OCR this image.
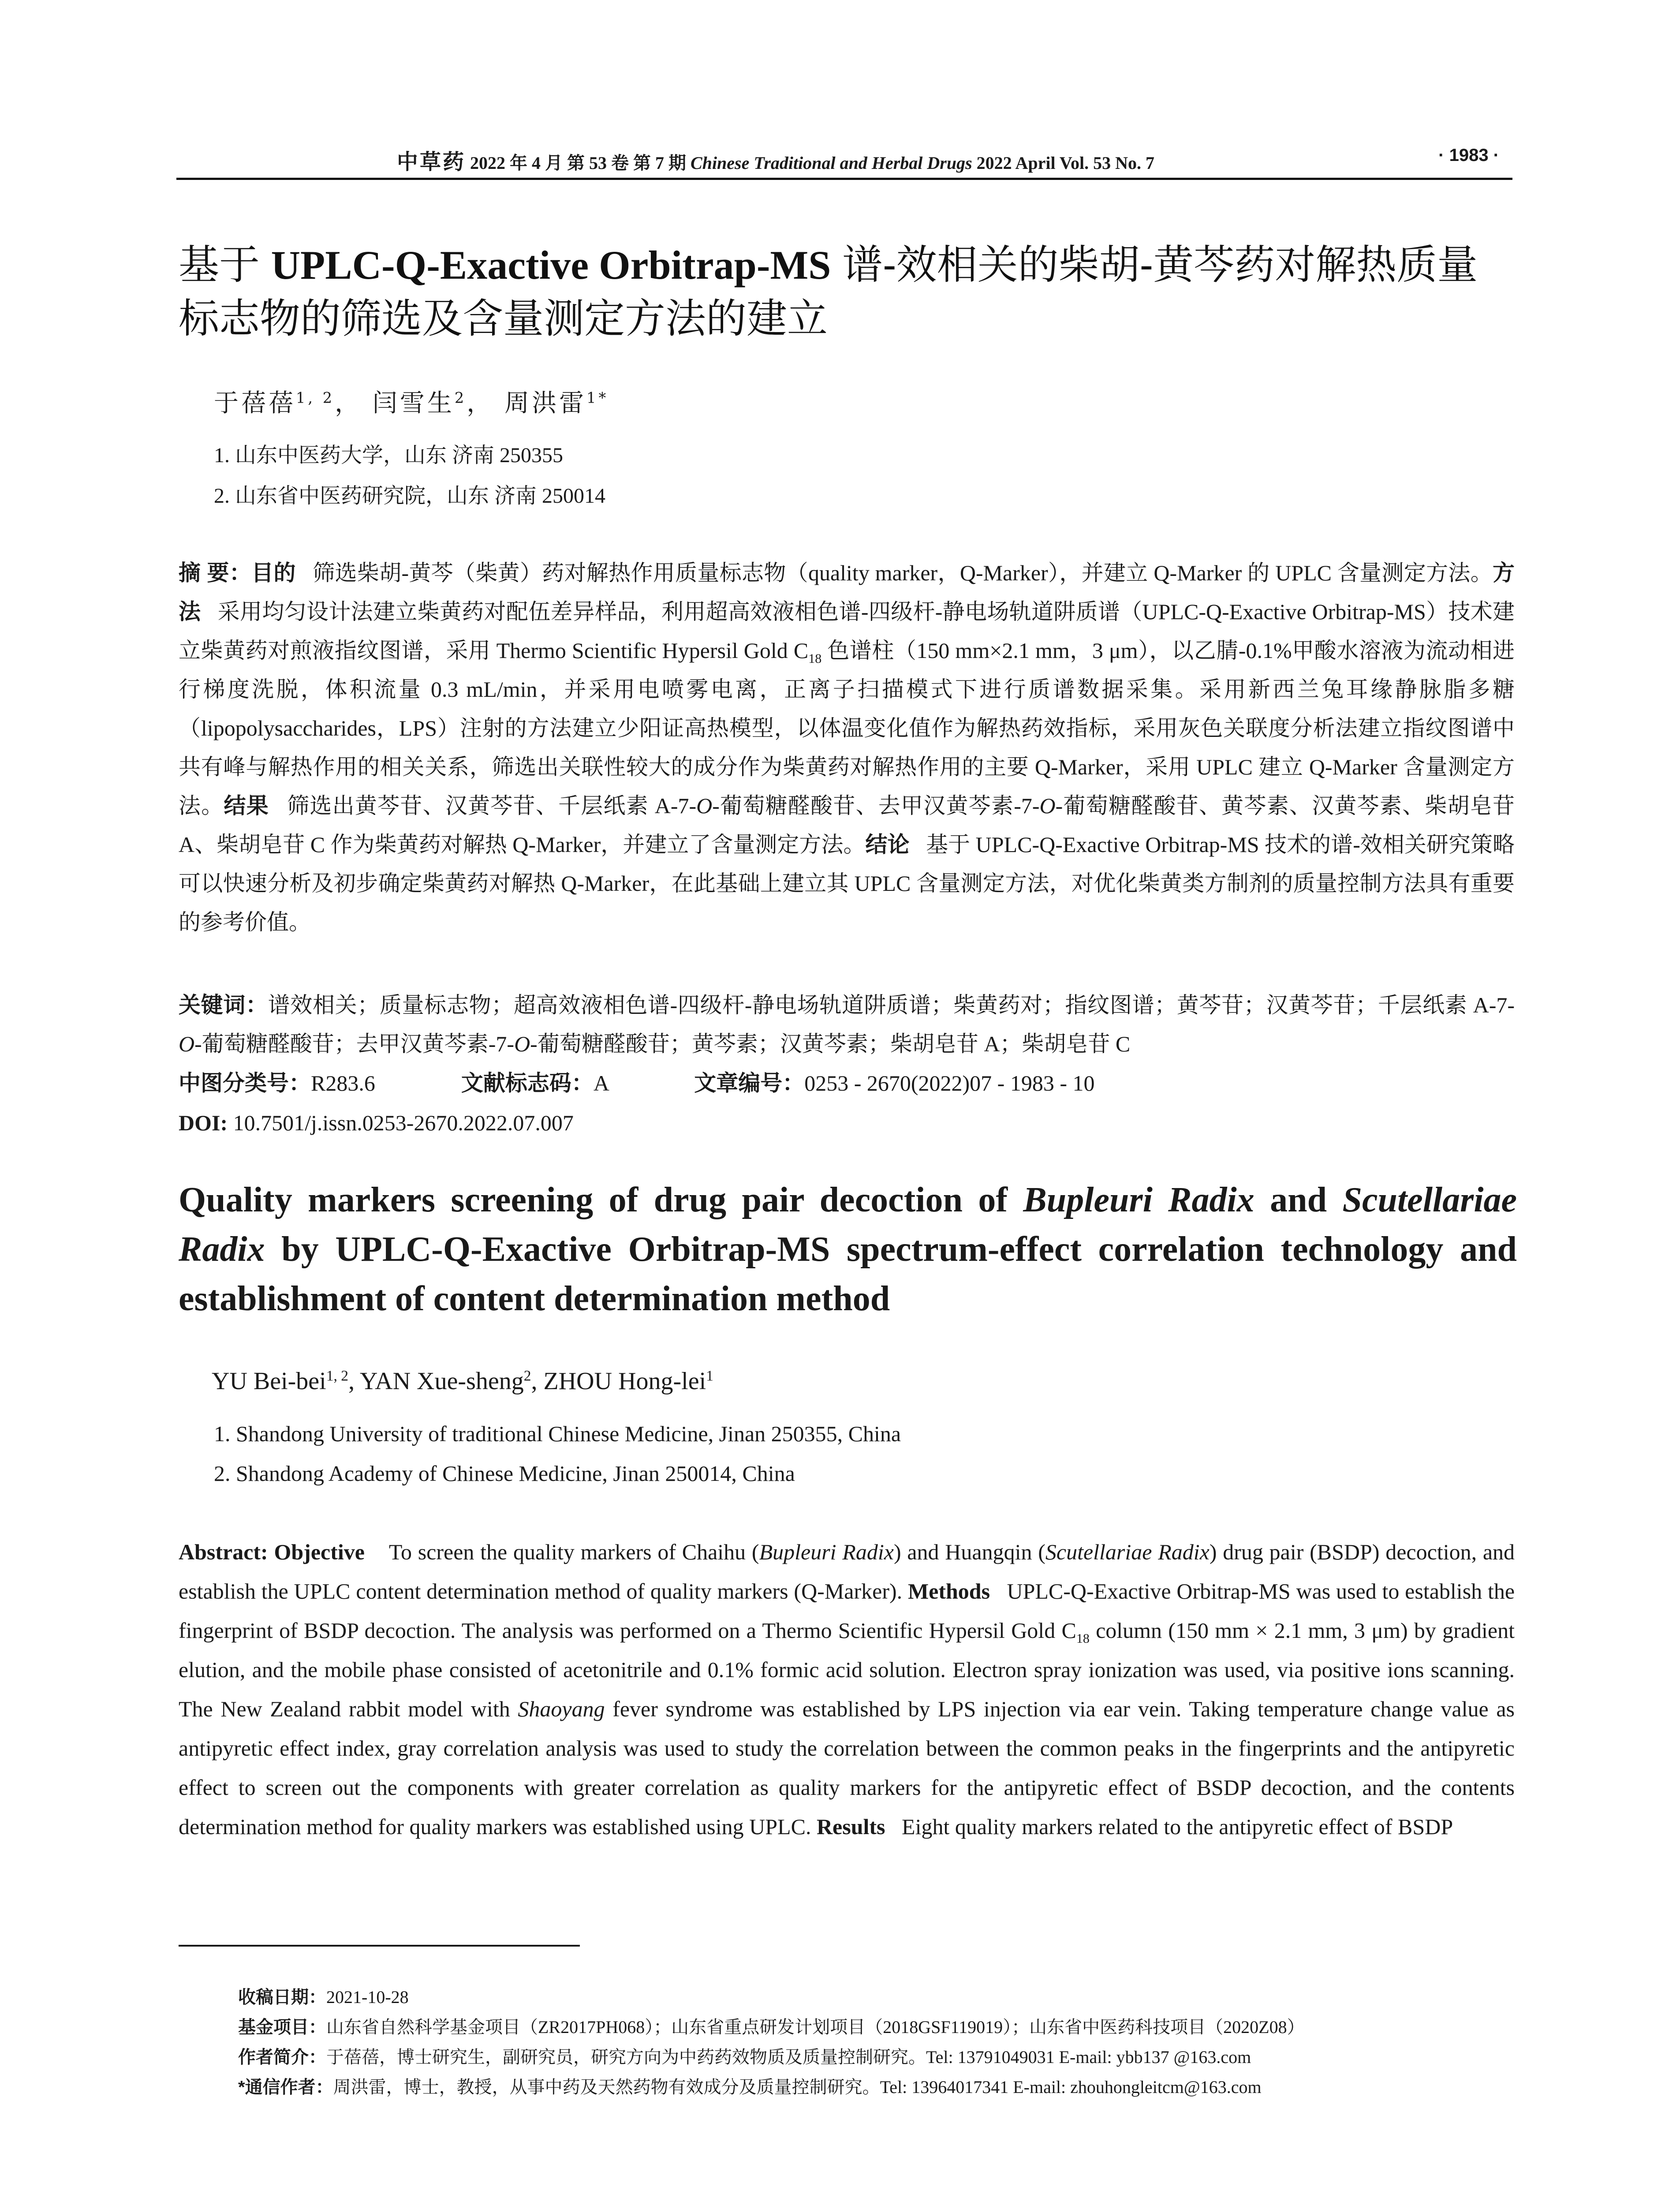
中草药 2022 年 4 月 第 53 卷 第 7 期 Chinese Traditional and Herbal Drugs 2022 April Vol. 53 No. 7	· 1983 ·
基于 UPLC-Q-Exactive Orbitrap-MS 谱-效相关的柴胡-黄芩药对解热质量
标志物的筛选及含量测定方法的建立
于蓓蓓$^{1, 2}$， 闫雪生$^2$， 周洪雷$^{1*}$
1. 山东中医药大学，山东 济南 250355
2. 山东省中医药研究院，山东 济南 250014
摘 要：目的 筛选柴胡-黄芩（柴黄）药对解热作用质量标志物（quality marker，Q-Marker），并建立 Q-Marker 的 UPLC 含量测定方法。方法 采用均匀设计法建立柴黄药对配伍差异样品，利用超高效液相色谱-四级杆-静电场轨道阱质谱（UPLC-Q-Exactive Orbitrap-MS）技术建立柴黄药对煎液指纹图谱，采用 Thermo Scientific Hypersil Gold $C_{18}$ 色谱柱（150 mm×2.1 mm，3 μm），以乙腈-0.1%甲酸水溶液为流动相进行梯度洗脱，体积流量 0.3 mL/min，并采用电喷雾电离，正离子扫描模式下进行质谱数据采集。采用新西兰兔耳缘静脉脂多糖（lipopolysaccharides，LPS）注射的方法建立少阳证高热模型，以体温变化值作为解热药效指标，采用灰色关联度分析法建立指纹图谱中共有峰与解热作用的相关关系，筛选出关联性较大的成分作为柴黄药对解热作用的主要 Q-Marker，采用 UPLC 建立 Q-Marker 含量测定方法。结果 筛选出黄芩苷、汉黄芩苷、千层纸素 A-7-O-葡萄糖醛酸苷、去甲汉黄芩素-7-O-葡萄糖醛酸苷、黄芩素、汉黄芩素、柴胡皂苷 A、柴胡皂苷 C 作为柴黄药对解热 Q-Marker，并建立了含量测定方法。结论 基于 UPLC-Q-Exactive Orbitrap-MS 技术的谱-效相关研究策略可以快速分析及初步确定柴黄药对解热 Q-Marker，在此基础上建立其 UPLC 含量测定方法，对优化柴黄类方制剂的质量控制方法具有重要的参考价值。
关键词：谱效相关；质量标志物；超高效液相色谱-四级杆-静电场轨道阱质谱；柴黄药对；指纹图谱；黄芩苷；汉黄芩苷；千层纸素 A-7-O-葡萄糖醛酸苷；去甲汉黄芩素-7-O-葡萄糖醛酸苷；黄芩素；汉黄芩素；柴胡皂苷 A；柴胡皂苷 C
中图分类号：R283.6	文献标志码：A	文章编号：0253 - 2670(2022)07 - 1983 - 10
DOI: 10.7501/j.issn.0253-2670.2022.07.007
Quality markers screening of drug pair decoction of Bupleuri Radix and Scutellariae Radix by UPLC-Q-Exactive Orbitrap-MS spectrum-effect correlation technology and establishment of content determination method
YU Bei-bei$^{1, 2}$, YAN Xue-sheng$^2$, ZHOU Hong-lei$^1$
1. Shandong University of traditional Chinese Medicine, Jinan 250355, China
2. Shandong Academy of Chinese Medicine, Jinan 250014, China
Abstract: Objective To screen the quality markers of Chaihu (Bupleuri Radix) and Huangqin (Scutellariae Radix) drug pair (BSDP) decoction, and establish the UPLC content determination method of quality markers (Q-Marker). Methods UPLC-Q-Exactive Orbitrap-MS was used to establish the fingerprint of BSDP decoction. The analysis was performed on a Thermo Scientific Hypersil Gold $C_{18}$ column (150 mm × 2.1 mm, 3 μm) by gradient elution, and the mobile phase consisted of acetonitrile and 0.1% formic acid solution. Electron spray ionization was used, via positive ions scanning. The New Zealand rabbit model with Shaoyang fever syndrome was established by LPS injection via ear vein. Taking temperature change value as antipyretic effect index, gray correlation analysis was used to study the correlation between the common peaks in the fingerprints and the antipyretic effect to screen out the components with greater correlation as quality markers for the antipyretic effect of BSDP decoction, and the contents determination method for quality markers was established using UPLC. Results Eight quality markers related to the antipyretic effect of BSDP
收稿日期：2021-10-28
基金项目：山东省自然科学基金项目（ZR2017PH068）；山东省重点研发计划项目（2018GSF119019）；山东省中医药科技项目（2020Z08）
作者简介：于蓓蓓，博士研究生，副研究员，研究方向为中药药效物质及质量控制研究。Tel: 13791049031 E-mail: ybb137 @163.com
*通信作者：周洪雷，博士，教授，从事中药及天然药物有效成分及质量控制研究。Tel: 13964017341 E-mail: zhouhongleitcm@163.com
